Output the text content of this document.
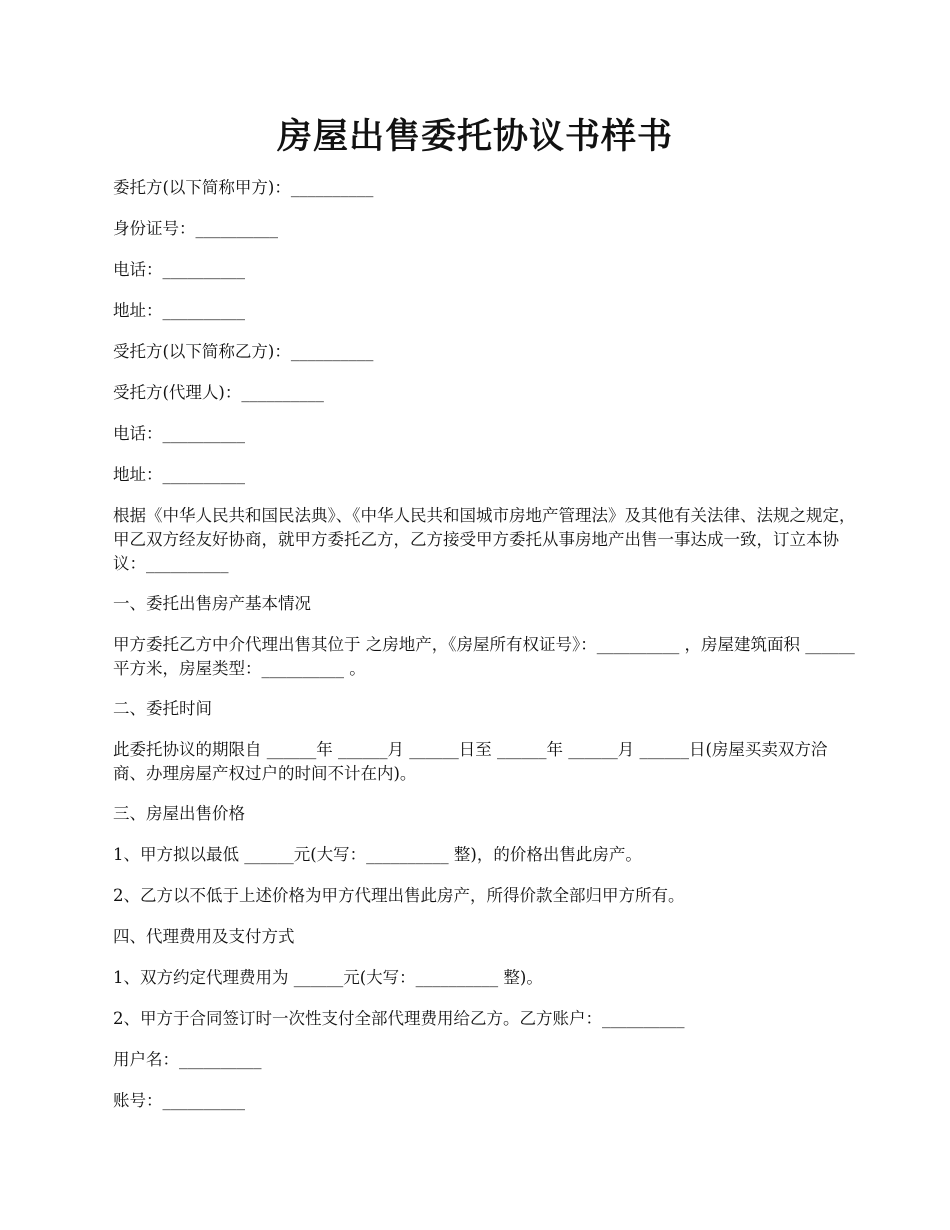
房屋出售委托协议书样书

委托方(以下简称甲方)：__________

身份证号：__________

电话：__________

地址：__________

受托方(以下简称乙方)：__________

受托方(代理人)：__________

电话：__________

地址：__________

根据《中华人民共和国民法典》、《中华人民共和国城市房地产管理法》及其他有关法律、法规之规定，甲乙双方经友好协商，就甲方委托乙方，乙方接受甲方委托从事房地产出售一事达成一致，订立本协议：__________

一、委托出售房产基本情况

甲方委托乙方中介代理出售其位于 之房地产，《房屋所有权证号》：__________ ，房屋建筑面积 ______平方米，房屋类型：__________ 。

二、委托时间

此委托协议的期限自 ______年 ______月 ______日至 ______年 ______月 ______日(房屋买卖双方洽商、办理房屋产权过户的时间不计在内)。

三、房屋出售价格

1、甲方拟以最低 ______元(大写：__________ 整)，的价格出售此房产。

2、乙方以不低于上述价格为甲方代理出售此房产，所得价款全部归甲方所有。

四、代理费用及支付方式

1、双方约定代理费用为 ______元(大写：__________ 整)。

2、甲方于合同签订时一次性支付全部代理费用给乙方。乙方账户：__________

用户名：__________

账号：__________
